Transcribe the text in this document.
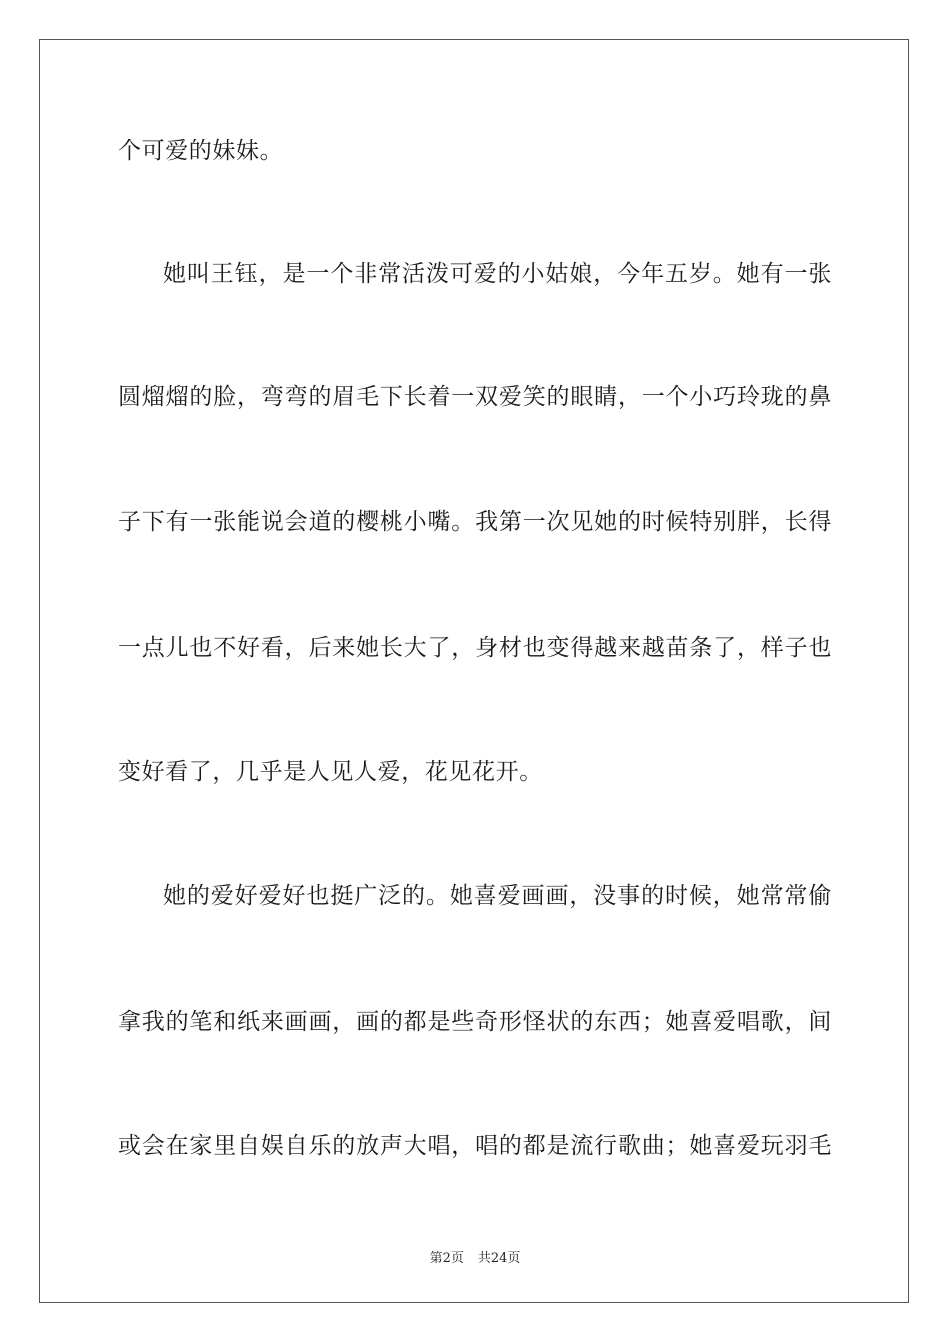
个可爱的妹妹。
她叫王钰，是一个非常活泼可爱的小姑娘，今年五岁。她有一张
圆熘熘的脸，弯弯的眉毛下长着一双爱笑的眼睛，一个小巧玲珑的鼻
子下有一张能说会道的樱桃小嘴。我第一次见她的时候特别胖，长得
一点儿也不好看，后来她长大了，身材也变得越来越苗条了，样子也
变好看了，几乎是人见人爱，花见花开。
她的爱好爱好也挺广泛的。她喜爱画画，没事的时候，她常常偷
拿我的笔和纸来画画，画的都是些奇形怪状的东西；她喜爱唱歌，间
或会在家里自娱自乐的放声大唱，唱的都是流行歌曲；她喜爱玩羽毛
第2页 共24页
